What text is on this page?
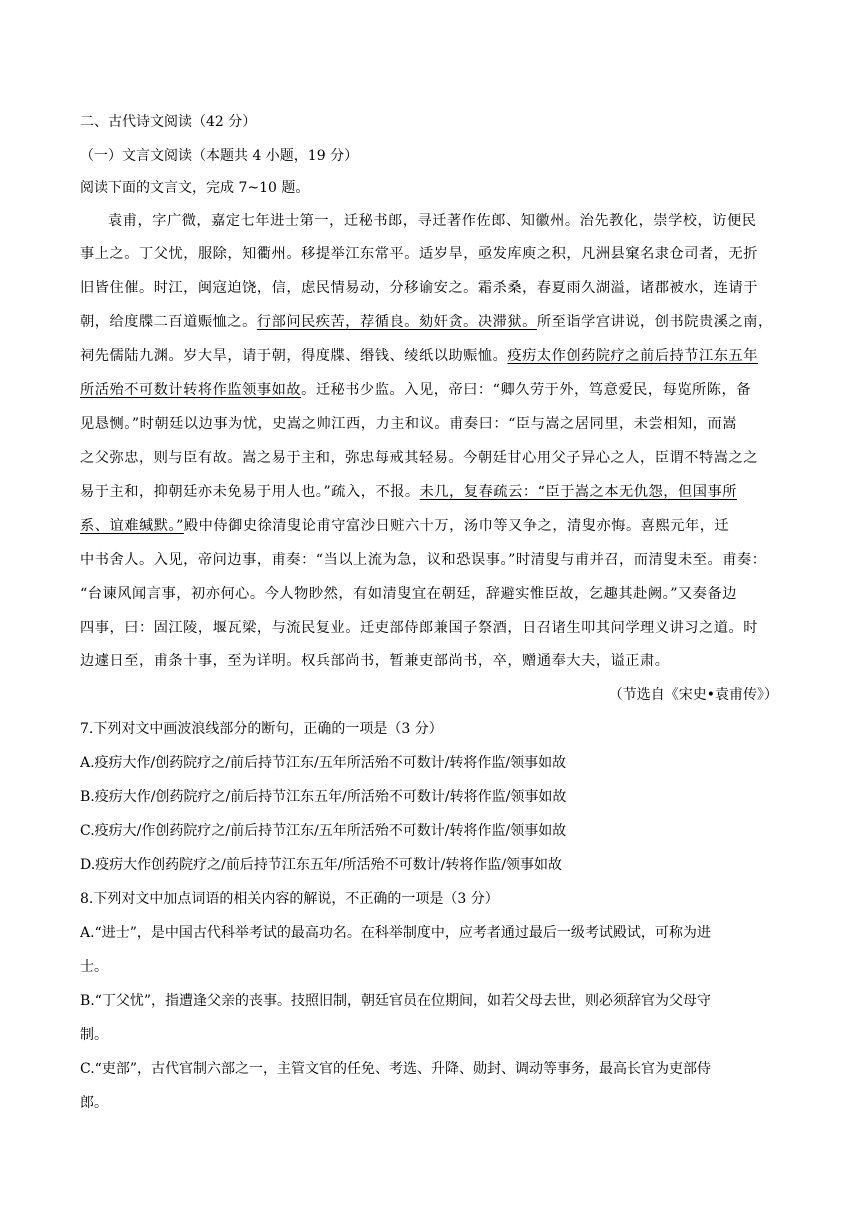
二、古代诗文阅读（42 分）
（一）文言文阅读（本题共 4 小题，19 分）
阅读下面的文言文，完成 7~10 题。
袁甫，字广微，嘉定七年进士第一，迁秘书郎，寻迁著作佐郎、知徽州。治先教化，崇学校，访便民
事上之。丁父忧，服除，知衢州。移提举江东常平。适岁旱，亟发库庾之积，凡洲县窠名隶仓司者，无折
旧皆住催。时江，闽寇迫饶，信，虑民情易动，分移谕安之。霜杀桑，春夏雨久湖溢，诸郡被水，连请于
朝，给度牒二百道赈恤之。行部问民疾苦，荐循良。劾奸贪。决滞狱。所至诣学宫讲说，创书院贵溪之南，
祠先儒陆九渊。岁大旱，请于朝，得度牒、缗钱、绫纸以助赈恤。疫疠太作创药院疗之前后持节江东五年
所活殆不可数计转将作监领事如故。迁秘书少监。入见，帝曰：“卿久劳于外，笃意爱民，每览所陈，备
见恳恻。”时朝廷以边事为忧，史嵩之帅江西，力主和议。甫奏曰：“臣与嵩之居同里，未尝相知，而嵩
之父弥忠，则与臣有故。嵩之易于主和，弥忠每戒其轻易。今朝廷甘心用父子异心之人，臣谓不特嵩之之
易于主和，抑朝廷亦未免易于用人也。”疏入，不报。未几，复春疏云：“臣于嵩之本无仇怨，但国事所
系、谊难缄默。”殿中侍御史徐清叟论甫守富沙日赃六十万，汤巾等又争之，清叟亦悔。喜熙元年，迁
中书舍人。入见，帝问边事，甫奏：“当以上流为急，议和恐误事。”时清叟与甫并召，而清叟未至。甫奏：
“台谏风闻言事，初亦何心。今人物眇然，有如清叟宜在朝廷，辞避实惟臣故，乞趣其赴阙。”又奏备边
四事，曰：固江陵，堰瓦梁，与流民复业。迁吏部侍郎兼国子祭酒，日召诸生叩其问学理义讲习之道。时
边遽日至，甫条十事，至为详明。权兵部尚书，暂兼吏部尚书，卒，赠通奉大夫，谥正肃。
（节选自《宋史•袁甫传》）
7.下列对文中画波浪线部分的断句，正确的一项是（3 分）
A.疫疠大作/创药院疗之/前后持节江东/五年所活殆不可数计/转将作监/领事如故
B.疫疠大作/创药院疗之/前后持节江东五年/所活殆不可数计/转将作监/领事如故
C.疫疠大/作创药院疗之/前后持节江东/五年所活殆不可数计/转将作监/领事如故
D.疫疠大作创药院疗之/前后持节江东五年/所活殆不可数计/转将作监/领事如故
8.下列对文中加点词语的相关内容的解说，不正确的一项是（3 分）
A.“进士”，是中国古代科举考试的最高功名。在科举制度中，应考者通过最后一级考试殿试，可称为进
士。
B.“丁父忧”，指遭逢父亲的丧事。技照旧制，朝廷官员在位期间，如若父母去世，则必须辞官为父母守
制。
C.“吏部”，古代官制六部之一，主管文官的任免、考选、升降、勋封、调动等事务，最高长官为吏部侍
郎。
